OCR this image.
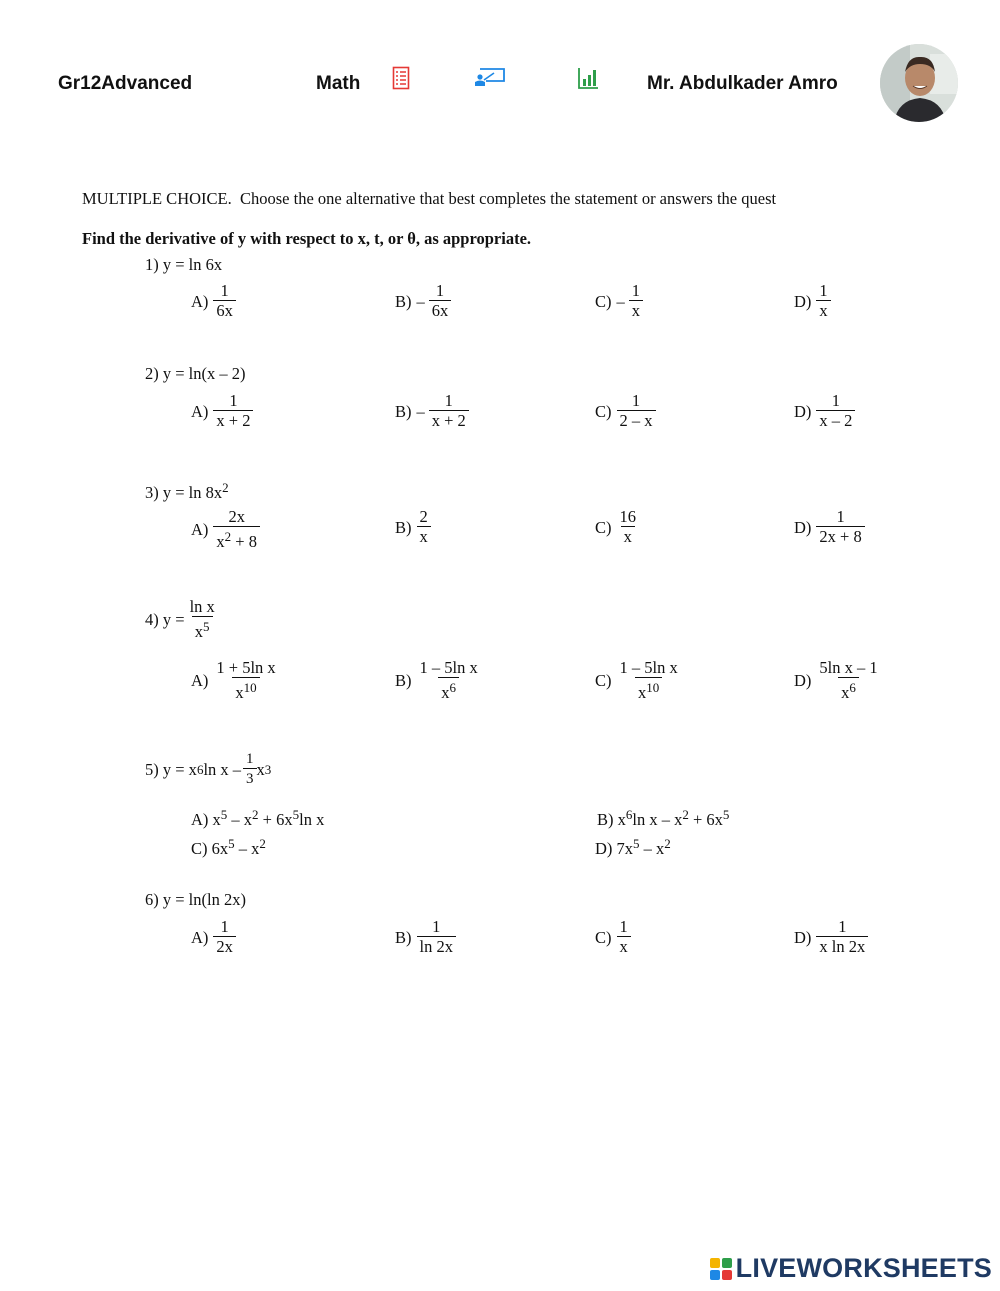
Gr12Advanced	Math	Mr. Abdulkader Amro
MULTIPLE CHOICE. Choose the one alternative that best completes the statement or answers the quest
Find the derivative of y with respect to x, t, or θ, as appropriate.
1) y = ln 6x
$A) \frac{1}{6x}$	$B) - \frac{1}{6x}$	$C) - \frac{1}{x}$	$D) \frac{1}{x}$
2) y = ln(x – 2)
$A) \frac{1}{x + 2}$	$B) - \frac{1}{x + 2}$	$C) \frac{1}{2 - x}$	$D) \frac{1}{x - 2}$
3) $y = \ln 8x^2$
$A) \frac{2x}{x^2 + 8}$	$B) \frac{2}{x}$	$C) \frac{16}{x}$	$D) \frac{1}{2x + 8}$
4)
$y = \frac{\text{ln x}}{x^5}$
$A) \frac{\text{1 + 5ln x}}{x^{10}}$	$B) \frac{\text{1 – 5ln x}}{x^6}$	$C) \frac{\text{1 – 5ln x}}{x^{10}}$	$D) \frac{\text{5ln x – 1}}{x^6}$
5)
y = x 6 ln x – $\frac{1}{3}$ x 3
A) $x^5 - x^2 + 6x^5\ln$ x	B) $x^6\ln$ $x - x^2 + 6x^5$
C) $6x^5 - x^2$	D) $7x^5 - x^2$
6) y = ln(ln 2x)
$A) \frac{1}{2x}$	$B) \frac{1}{\ln 2x}$	$C) \frac{1}{x}$	$D) \frac{1}{\text{x ln 2x}}$
LIVEWORKSHEETS
